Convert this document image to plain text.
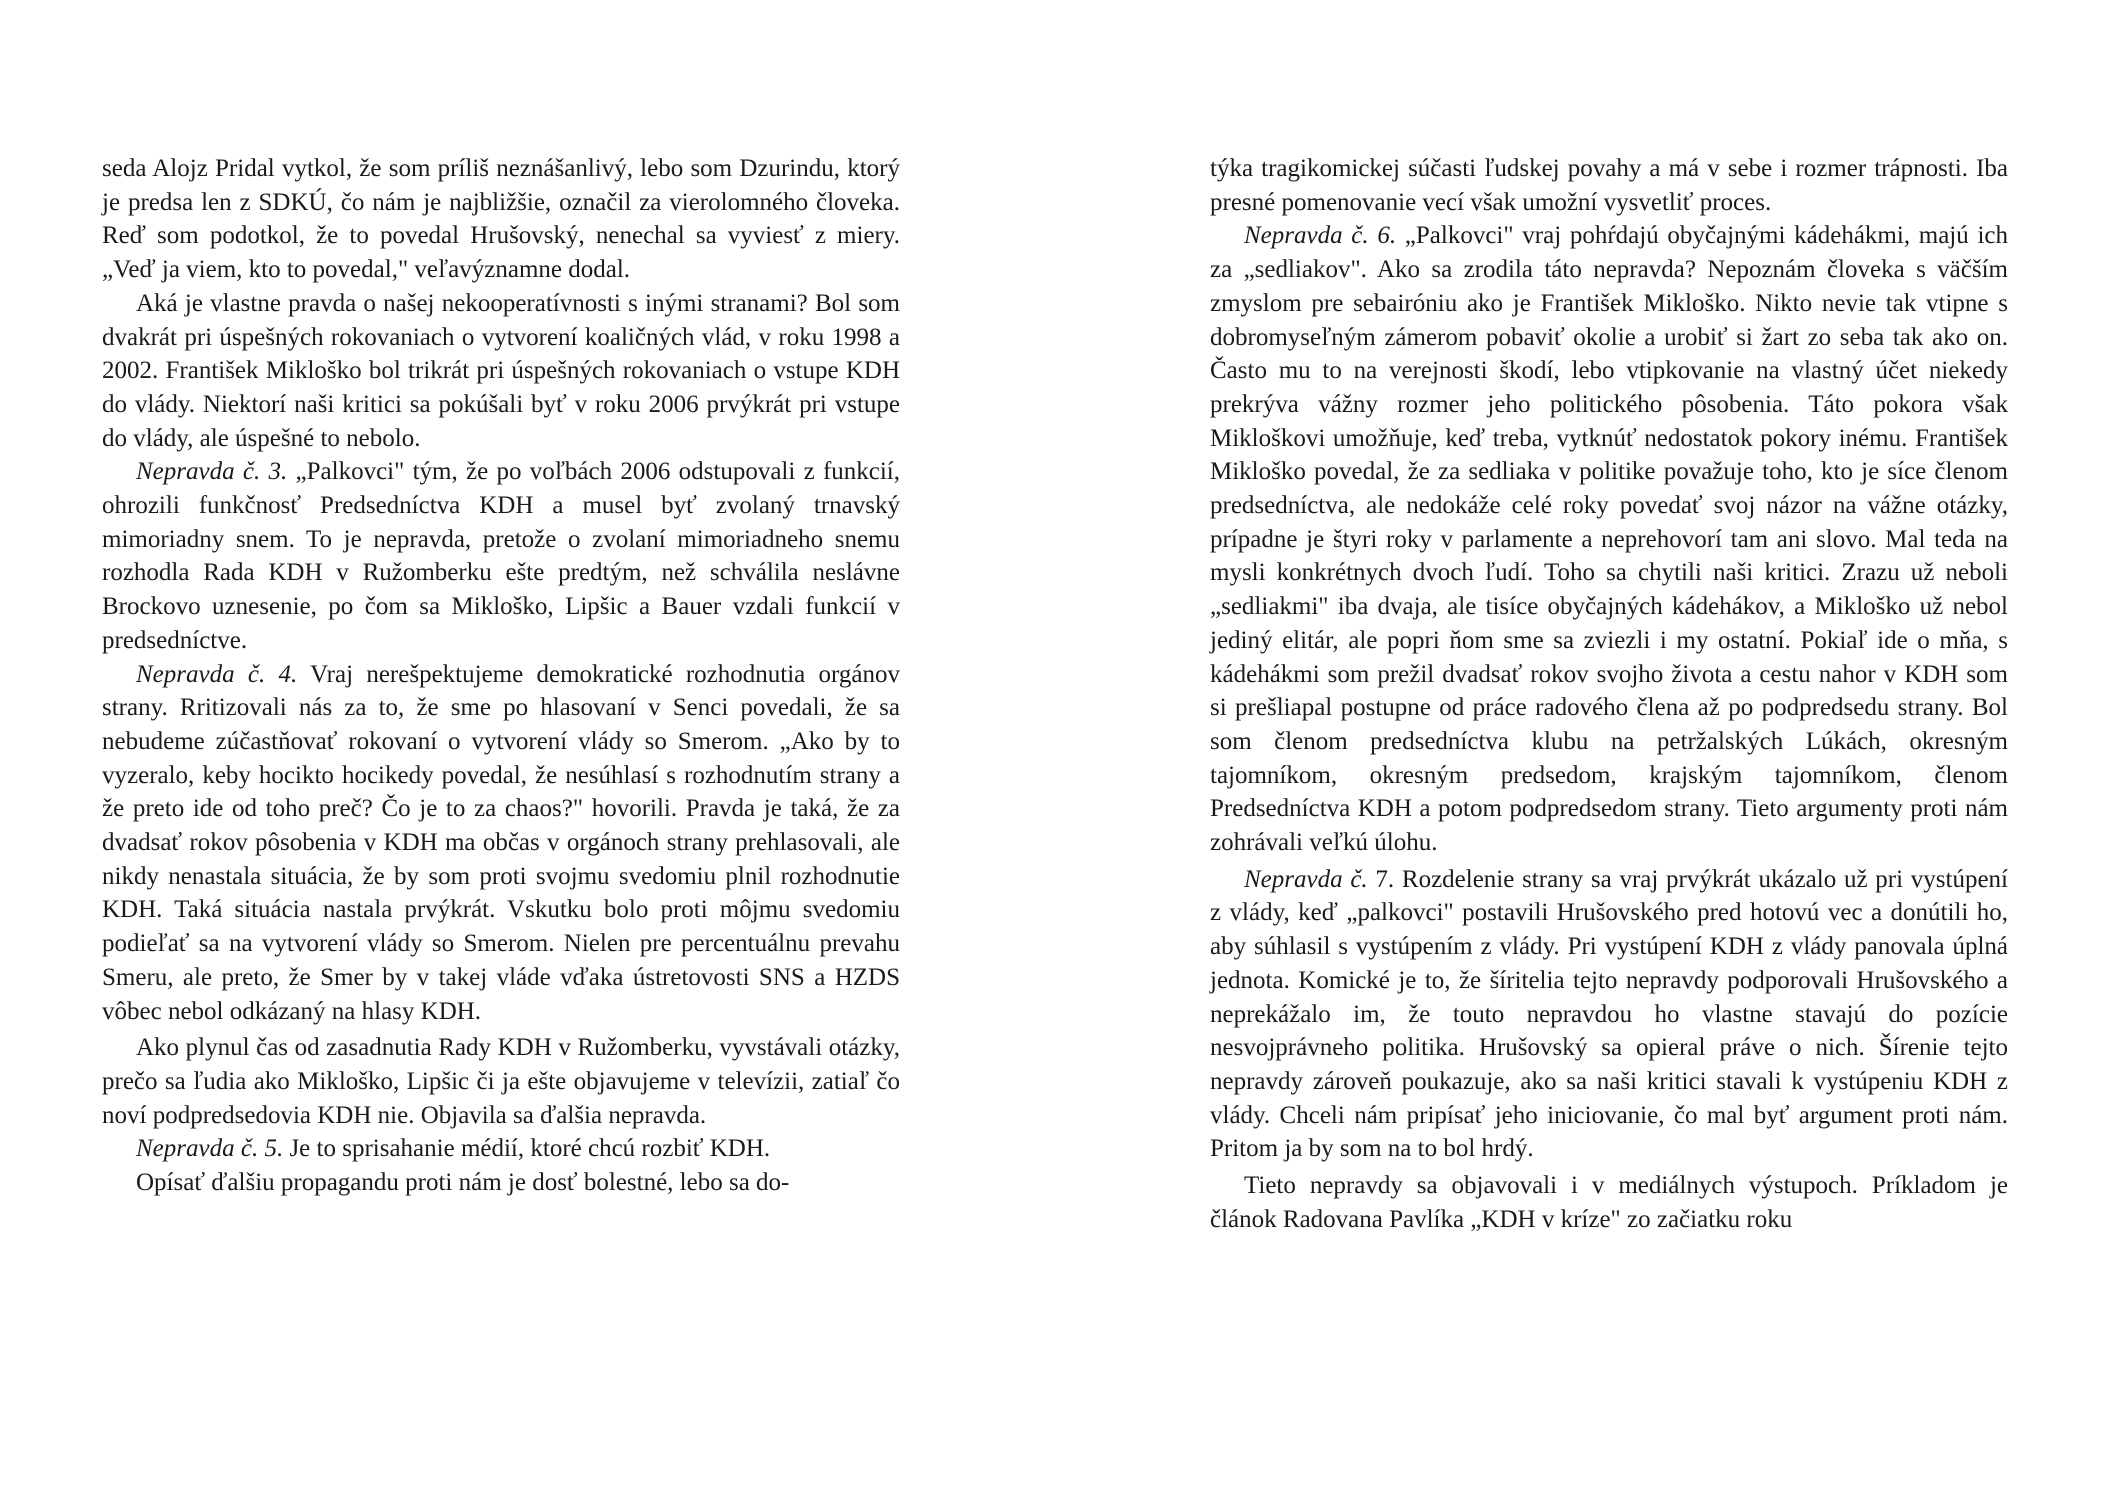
seda Alojz Pridal vytkol, že som príliš neznášanlivý, lebo som Dzurindu, ktorý je predsa len z SDKÚ, čo nám je najbližšie, označil za vierolomného človeka. Reď som podotkol, že to povedal Hrušovský, nenechal sa vyviesť z miery. „Veď ja viem, kto to povedal," veľavýznamne dodal.

Aká je vlastne pravda o našej nekooperatívnosti s inými stranami? Bol som dvakrát pri úspešných rokovaniach o vytvorení koaličných vlád, v roku 1998 a 2002. František Mikloško bol trikrát pri úspešných rokovaniach o vstupe KDH do vlády. Niektorí naši kritici sa pokúšali byť v roku 2006 prvýkrát pri vstupe do vlády, ale úspešné to nebolo.

Nepravda č. 3. „Palkovci" tým, že po voľbách 2006 odstupovali z funkcií, ohrozili funkčnosť Predsedníctva KDH a musel byť zvolaný trnavský mimoriadny snem. To je nepravda, pretože o zvolaní mimoriadneho snemu rozhodla Rada KDH v Ružomberku ešte predtým, než schválila neslávne Brockovo uznesenie, po čom sa Mikloško, Lipšic a Bauer vzdali funkcií v predsedníctve.

Nepravda č. 4. Vraj nerešpektujeme demokratické rozhodnutia orgánov strany. Rritizovali nás za to, že sme po hlasovaní v Senci povedali, že sa nebudeme zúčastňovať rokovaní o vytvorení vlády so Smerom. „Ako by to vyzeralo, keby hocikto hocikedy povedal, že nesúhlasí s rozhodnutím strany a že preto ide od toho preč? Čo je to za chaos?" hovorili. Pravda je taká, že za dvadsať rokov pôsobenia v KDH ma občas v orgánoch strany prehlasovali, ale nikdy nenastala situácia, že by som proti svojmu svedomiu plnil rozhodnutie KDH. Taká situácia nastala prvýkrát. Vskutku bolo proti môjmu svedomiu podieľať sa na vytvorení vlády so Smerom. Nielen pre percentuálnu prevahu Smeru, ale preto, že Smer by v takej vláde vďaka ústretovosti SNS a HZDS vôbec nebol odkázaný na hlasy KDH.

Ako plynul čas od zasadnutia Rady KDH v Ružomberku, vyvstávali otázky, prečo sa ľudia ako Mikloško, Lipšic či ja ešte objavujeme v televízii, zatiaľ čo noví podpredsedovia KDH nie. Objavila sa ďalšia nepravda.

Nepravda č. 5. Je to sprisahanie médií, ktoré chcú rozbiť KDH.

Opísať ďalšiu propagandu proti nám je dosť bolestné, lebo sa do-

týka tragikomickej súčasti ľudskej povahy a má v sebe i rozmer trápnosti. Iba presné pomenovanie vecí však umožní vysvetliť proces.

Nepravda č. 6. „Palkovci" vraj pohŕdajú obyčajnými kádehákmi, majú ich za „sedliakov". Ako sa zrodila táto nepravda? Nepoznám človeka s väčším zmyslom pre sebairóniu ako je František Mikloško. Nikto nevie tak vtipne s dobromyseľným zámerom pobaviť okolie a urobiť si žart zo seba tak ako on. Často mu to na verejnosti škodí, lebo vtipkovanie na vlastný účet niekedy prekrýva vážny rozmer jeho politického pôsobenia. Táto pokora však Mikloškovi umožňuje, keď treba, vytknúť nedostatok pokory inému. František Mikloško povedal, že za sedliaka v politike považuje toho, kto je síce členom predsedníctva, ale nedokáže celé roky povedať svoj názor na vážne otázky, prípadne je štyri roky v parlamente a neprehovorí tam ani slovo. Mal teda na mysli konkrétnych dvoch ľudí. Toho sa chytili naši kritici. Zrazu už neboli „sedliakmi" iba dvaja, ale tisíce obyčajných kádehákov, a Mikloško už nebol jediný elitár, ale popri ňom sme sa zviezli i my ostatní. Pokiaľ ide o mňa, s kádehákmi som prežil dvadsať rokov svojho života a cestu nahor v KDH som si prešliapal postupne od práce radového člena až po podpredsedu strany. Bol som členom predsedníctva klubu na petržalských Lúkách, okresným tajomníkom, okresným predsedom, krajským tajomníkom, členom Predsedníctva KDH a potom podpredsedom strany. Tieto argumenty proti nám zohrávali veľkú úlohu.

Nepravda č. 7. Rozdelenie strany sa vraj prvýkrát ukázalo už pri vystúpení z vlády, keď „palkovci" postavili Hrušovského pred hotovú vec a donútili ho, aby súhlasil s vystúpením z vlády. Pri vystúpení KDH z vlády panovala úplná jednota. Komické je to, že šíritelia tejto nepravdy podporovali Hrušovského a neprekážalo im, že touto nepravdou ho vlastne stavajú do pozície nesvojprávneho politika. Hrušovský sa opieral práve o nich. Šírenie tejto nepravdy zároveň poukazuje, ako sa naši kritici stavali k vystúpeniu KDH z vlády. Chceli nám pripísať jeho iniciovanie, čo mal byť argument proti nám. Pritom ja by som na to bol hrdý.

Tieto nepravdy sa objavovali i v mediálnych výstupoch. Príkladom je článok Radovana Pavlíka „KDH v kríze" zo začiatku roku
